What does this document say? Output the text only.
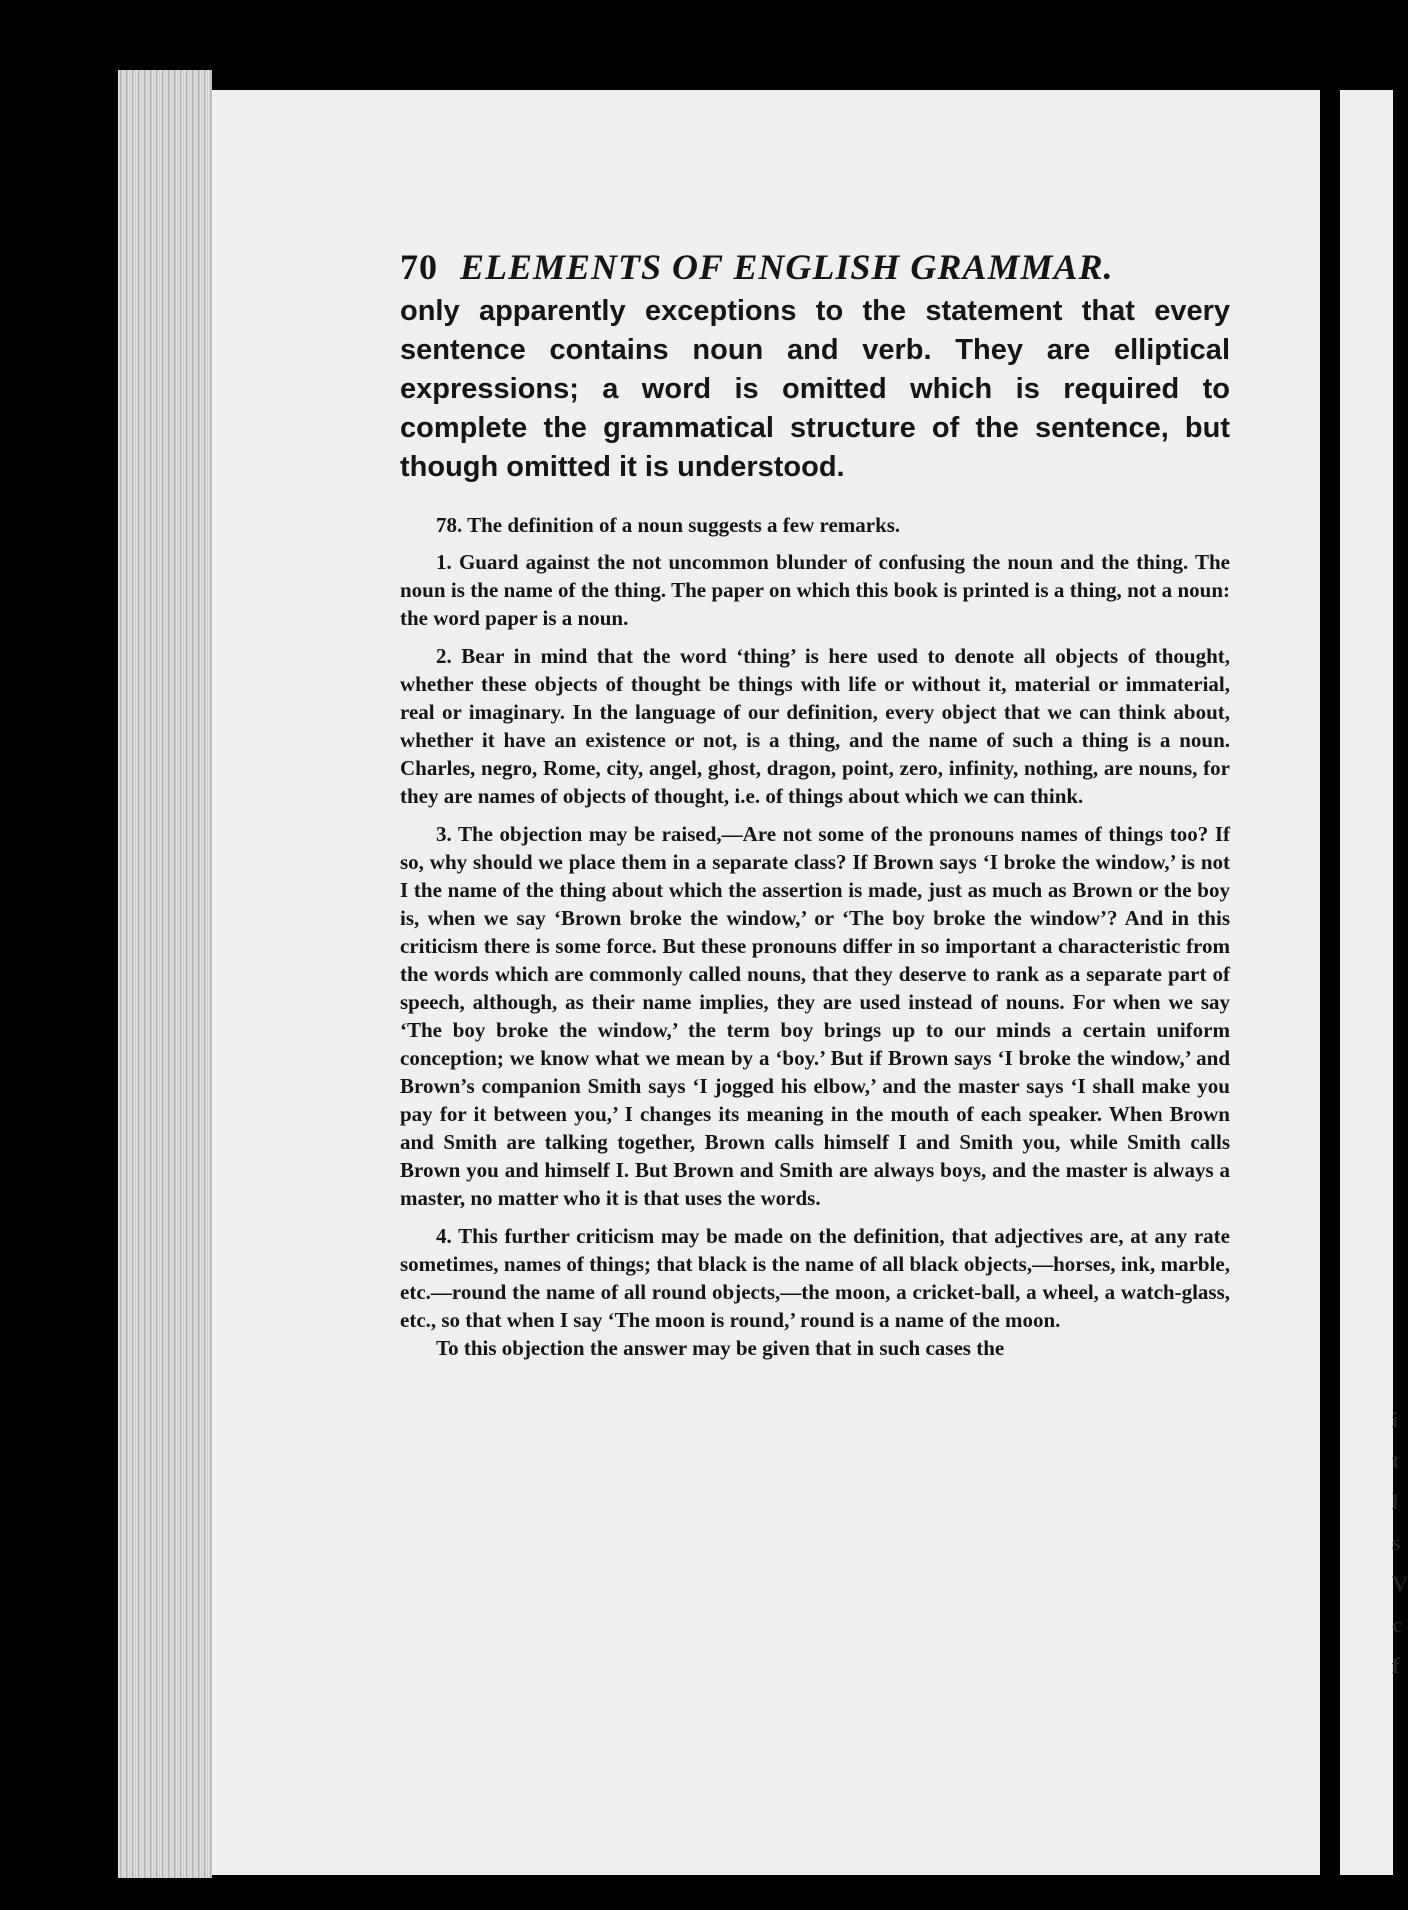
i
t
l
s
V
c
f
70 ELEMENTS OF ENGLISH GRAMMAR.
only apparently exceptions to the statement that every sentence contains noun and verb. They are elliptical expressions; a word is omitted which is required to complete the grammatical structure of the sentence, but though omitted it is understood.
78. The definition of a noun suggests a few remarks.
1. Guard against the not uncommon blunder of confusing the noun and the thing. The noun is the name of the thing. The paper on which this book is printed is a thing, not a noun: the word paper is a noun.
2. Bear in mind that the word ‘thing’ is here used to denote all objects of thought, whether these objects of thought be things with life or without it, material or immaterial, real or imaginary. In the language of our definition, every object that we can think about, whether it have an existence or not, is a thing, and the name of such a thing is a noun. Charles, negro, Rome, city, angel, ghost, dragon, point, zero, infinity, nothing, are nouns, for they are names of objects of thought, i.e. of things about which we can think.
3. The objection may be raised,—Are not some of the pronouns names of things too? If so, why should we place them in a separate class? If Brown says ‘I broke the window,’ is not I the name of the thing about which the assertion is made, just as much as Brown or the boy is, when we say ‘Brown broke the window,’ or ‘The boy broke the window’? And in this criticism there is some force. But these pronouns differ in so important a characteristic from the words which are commonly called nouns, that they deserve to rank as a separate part of speech, although, as their name implies, they are used instead of nouns. For when we say ‘The boy broke the window,’ the term boy brings up to our minds a certain uniform conception; we know what we mean by a ‘boy.’ But if Brown says ‘I broke the window,’ and Brown’s companion Smith says ‘I jogged his elbow,’ and the master says ‘I shall make you pay for it between you,’ I changes its meaning in the mouth of each speaker. When Brown and Smith are talking together, Brown calls himself I and Smith you, while Smith calls Brown you and himself I. But Brown and Smith are always boys, and the master is always a master, no matter who it is that uses the words.
4. This further criticism may be made on the definition, that adjectives are, at any rate sometimes, names of things; that black is the name of all black objects,—horses, ink, marble, etc.—round the name of all round objects,—the moon, a cricket-ball, a wheel, a watch-glass, etc., so that when I say ‘The moon is round,’ round is a name of the moon.
To this objection the answer may be given that in such cases the
